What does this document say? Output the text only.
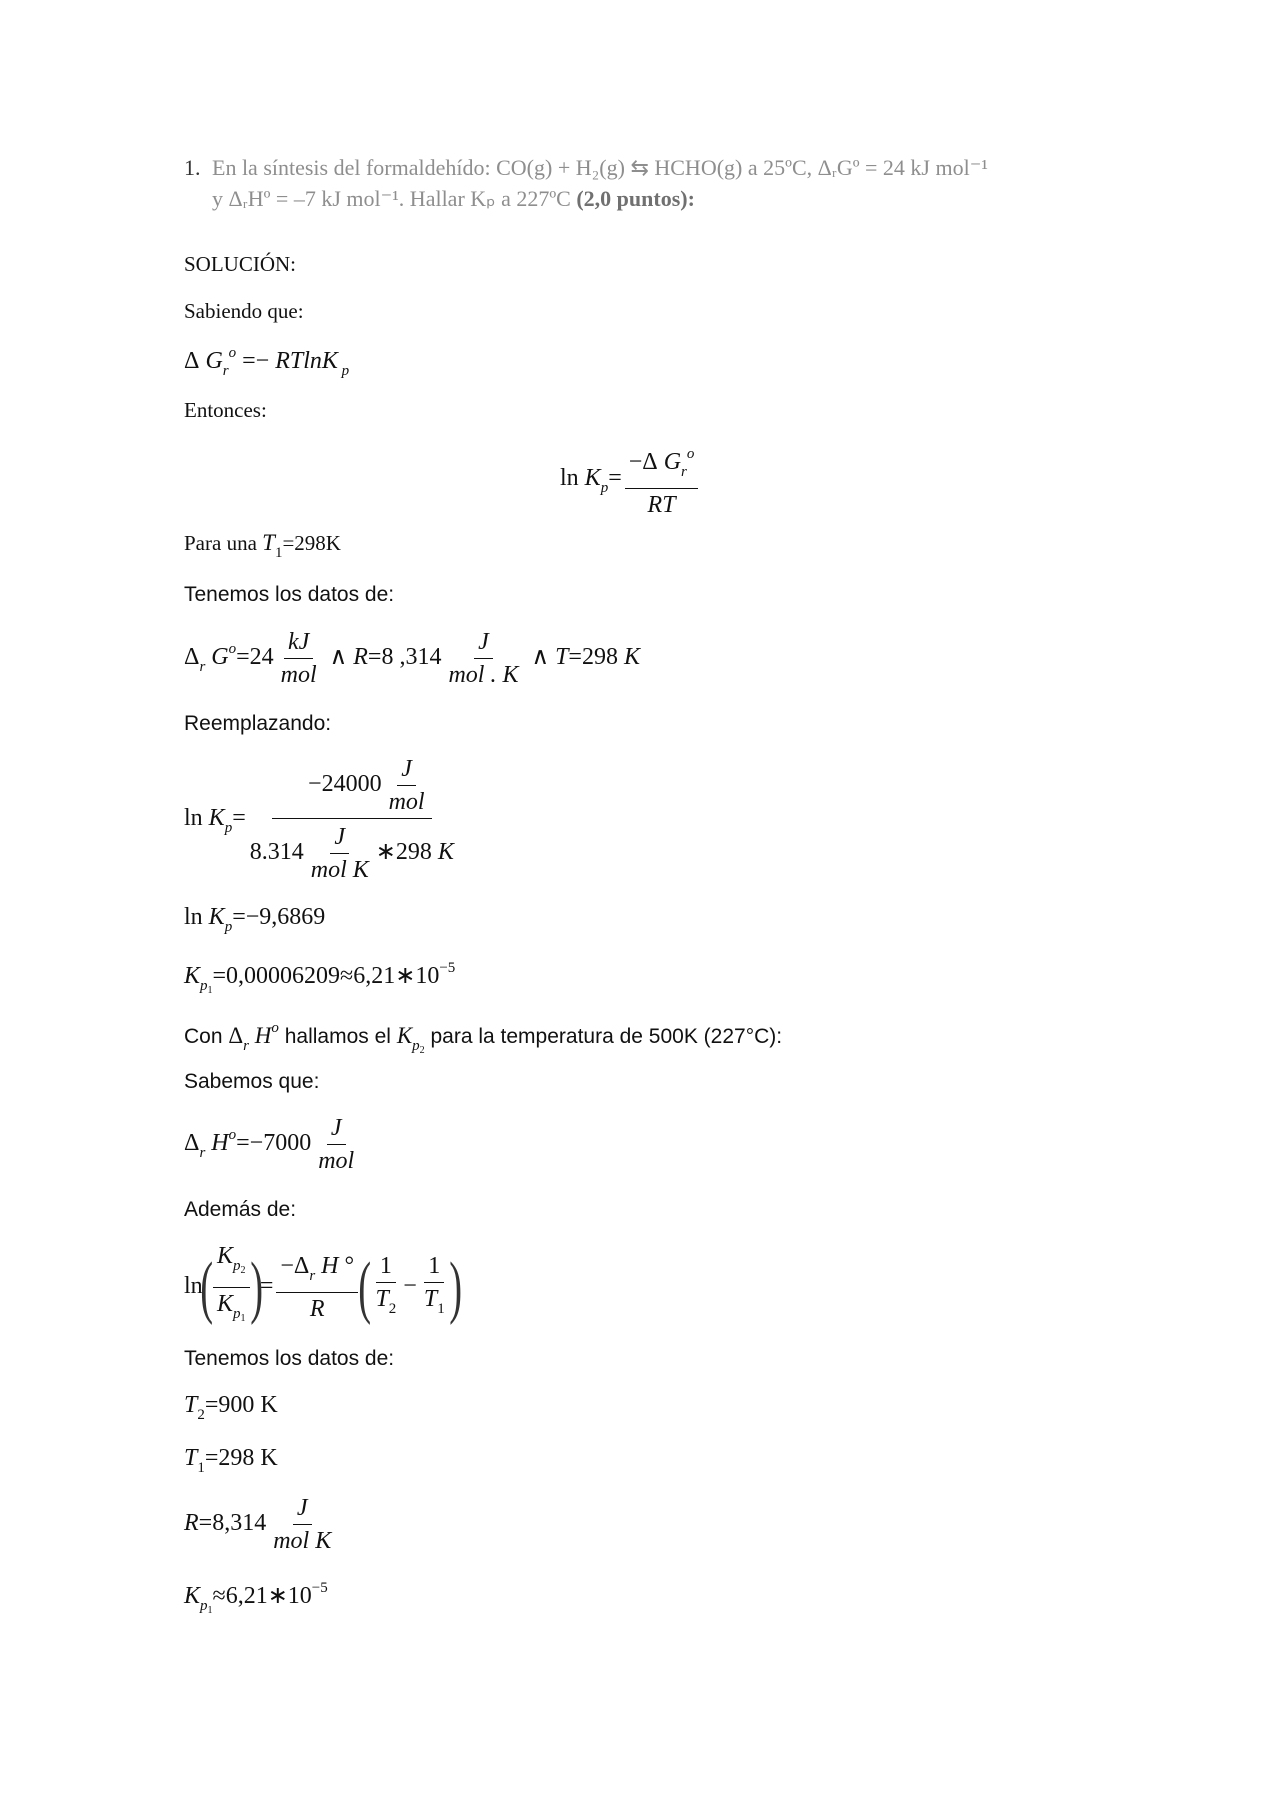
1. En la síntesis del formaldehído: CO(g) + H₂(g) ⇆ HCHO(g) a 25ºC, ΔᵣGº = 24 kJ mol⁻¹
y ΔᵣHº = –7 kJ mol⁻¹. Hallar Kₚ a 227ºC (2,0 puntos):
SOLUCIÓN:
Sabiendo que:
Δ $G_r^o =- RTlnK$ $_p$
Entonces:
$\ln K_p= \frac{-\Delta G_r^o}{RT}$
Para una $T_1=298K$
Tenemos los datos de:
$\Delta_r$ $G^o=24 \frac{kJ}{\text{mol}}$ ∧ R=8 $,314 \frac{J}{\text{mol . K}}$ ∧ T=298 K
Reemplazando:
$\ln K_p= \frac{-24000 \frac{J}{\text{mol}}}{8.314 \frac{J}{\text{mol K}} ∗298 K}$
$\ln K_p=-9,6869$
$K_{p_1}=0,00006209\approx 6,21∗10^{-5}$
Con $\Delta_r$ $H^o$ hallamos el $K_{p_2}$ para la temperatura de 500K (227°C):
Sabemos que:
$\Delta_r$ $H^o=-7000 \frac{J}{\text{mol}}$
Además de:
$\ln( \frac{K_{p_2}}{K_{p_1}}$ )= $\frac{-\Delta_r H ^\circ}{R}$ ( $\frac{1}{T_2} - \frac{1}{T_1}$ )
Tenemos los datos de:
$T_2=900$ K
$T_1=298$ K
$R=8,314 \frac{J}{\text{mol K}}$
$K_{p_1}\approx 6,21∗10^{-5}$
